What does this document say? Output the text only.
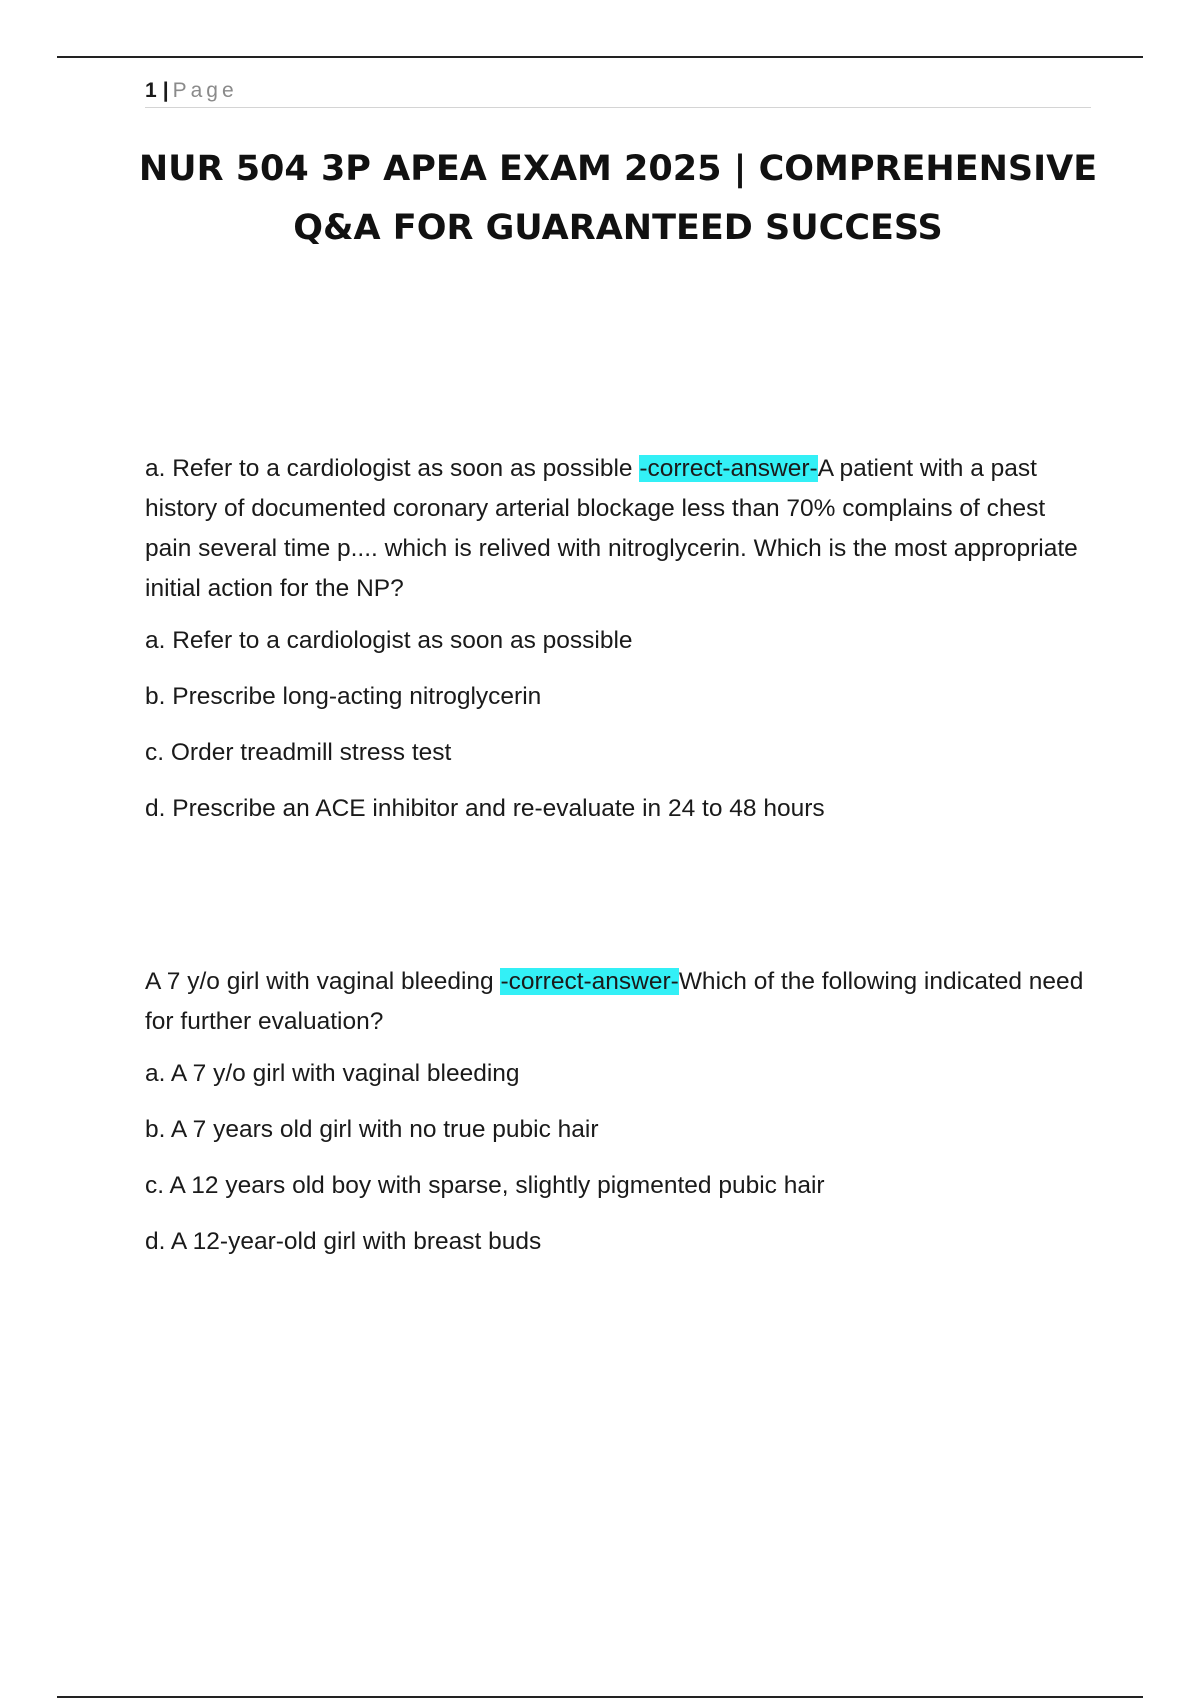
1 | Page
NUR 504 3P APEA EXAM 2025 | COMPREHENSIVE Q&A FOR GUARANTEED SUCCESS

a. Refer to a cardiologist as soon as possible -correct-answer-A patient with a past history of documented coronary arterial blockage less than 70% complains of chest pain several time p.... which is relived with nitroglycerin. Which is the most appropriate initial action for the NP?

a. Refer to a cardiologist as soon as possible

b. Prescribe long-acting nitroglycerin

c. Order treadmill stress test

d. Prescribe an ACE inhibitor and re-evaluate in 24 to 48 hours

A 7 y/o girl with vaginal bleeding -correct-answer-Which of the following indicated need for further evaluation?

a. A 7 y/o girl with vaginal bleeding

b. A 7 years old girl with no true pubic hair

c. A 12 years old boy with sparse, slightly pigmented pubic hair

d. A 12-year-old girl with breast buds
